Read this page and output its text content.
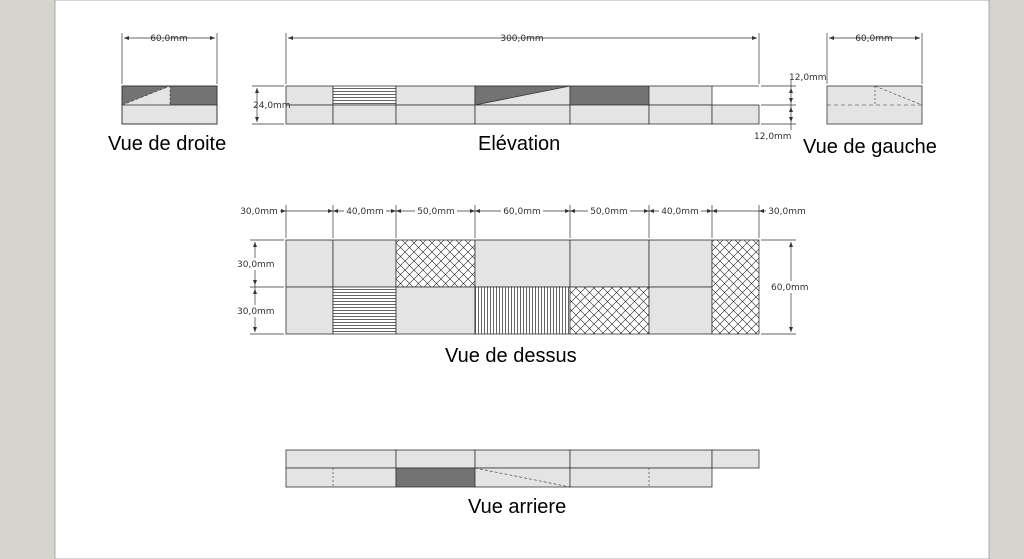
60,0mm
Vue de droite
300,0mm
24,0mm
12,0mm
12,0mm
Elévation
60,0mm
Vue de gauche
30,0mm	40,0mm	50,0mm	60,0mm	50,0mm	40,0mm	30,0mm
30,0mm
30,0mm
60,0mm
Vue de dessus
Vue arriere
